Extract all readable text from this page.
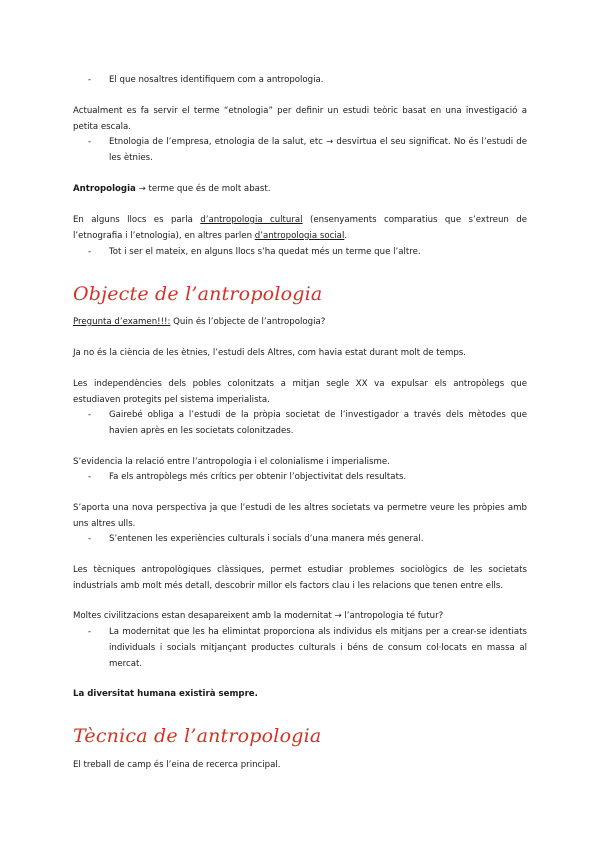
- El que nosaltres identifiquem com a antropologia.

Actualment es fa servir el terme “etnologia” per definir un estudi teòric basat en una investigació a petita escala.

- Etnologia de l’empresa, etnologia de la salut, etc → desvirtua el seu significat. No és l’estudi de les ètnies.

Antropologia → terme que és de molt abast.

En alguns llocs es parla d’antropologia cultural (ensenyaments comparatius que s’extreun de l’etnografia i l’etnologia), en altres parlen d’antropologia social.

- Tot i ser el mateix, en alguns llocs s’ha quedat més un terme que l’altre.
Objecte de l’antropologia

Pregunta d’examen!!!: Quin és l’objecte de l’antropologia?

Ja no és la ciència de les ètnies, l’estudi dels Altres, com havia estat durant molt de temps.

Les independències dels pobles colonitzats a mitjan segle XX va expulsar els antropòlegs que estudiaven protegits pel sistema imperialista.

- Gairebé obliga a l’estudi de la pròpia societat de l’investigador a través dels mètodes que havien après en les societats colonitzades.

S’evidencia la relació entre l’antropologia i el colonialisme i imperialisme.

- Fa els antropòlegs més crítics per obtenir l’objectivitat dels resultats.

S’aporta una nova perspectiva ja que l’estudi de les altres societats va permetre veure les pròpies amb uns altres ulls.

- S’entenen les experiències culturals i socials d’una manera més general.

Les tècniques antropològiques clàssiques, permet estudiar problemes sociològics de les societats industrials amb molt més detall, descobrir millor els factors clau i les relacions que tenen entre ells.

Moltes civilitzacions estan desapareixent amb la modernitat → l’antropologia té futur?

- La modernitat que les ha elimintat proporciona als individus els mitjans per a crear-se identiats individuals i socials mitjançant productes culturals i béns de consum col·locats en massa al mercat.

La diversitat humana existirà sempre.

Tècnica de l’antropologia

El treball de camp és l’eina de recerca principal.
